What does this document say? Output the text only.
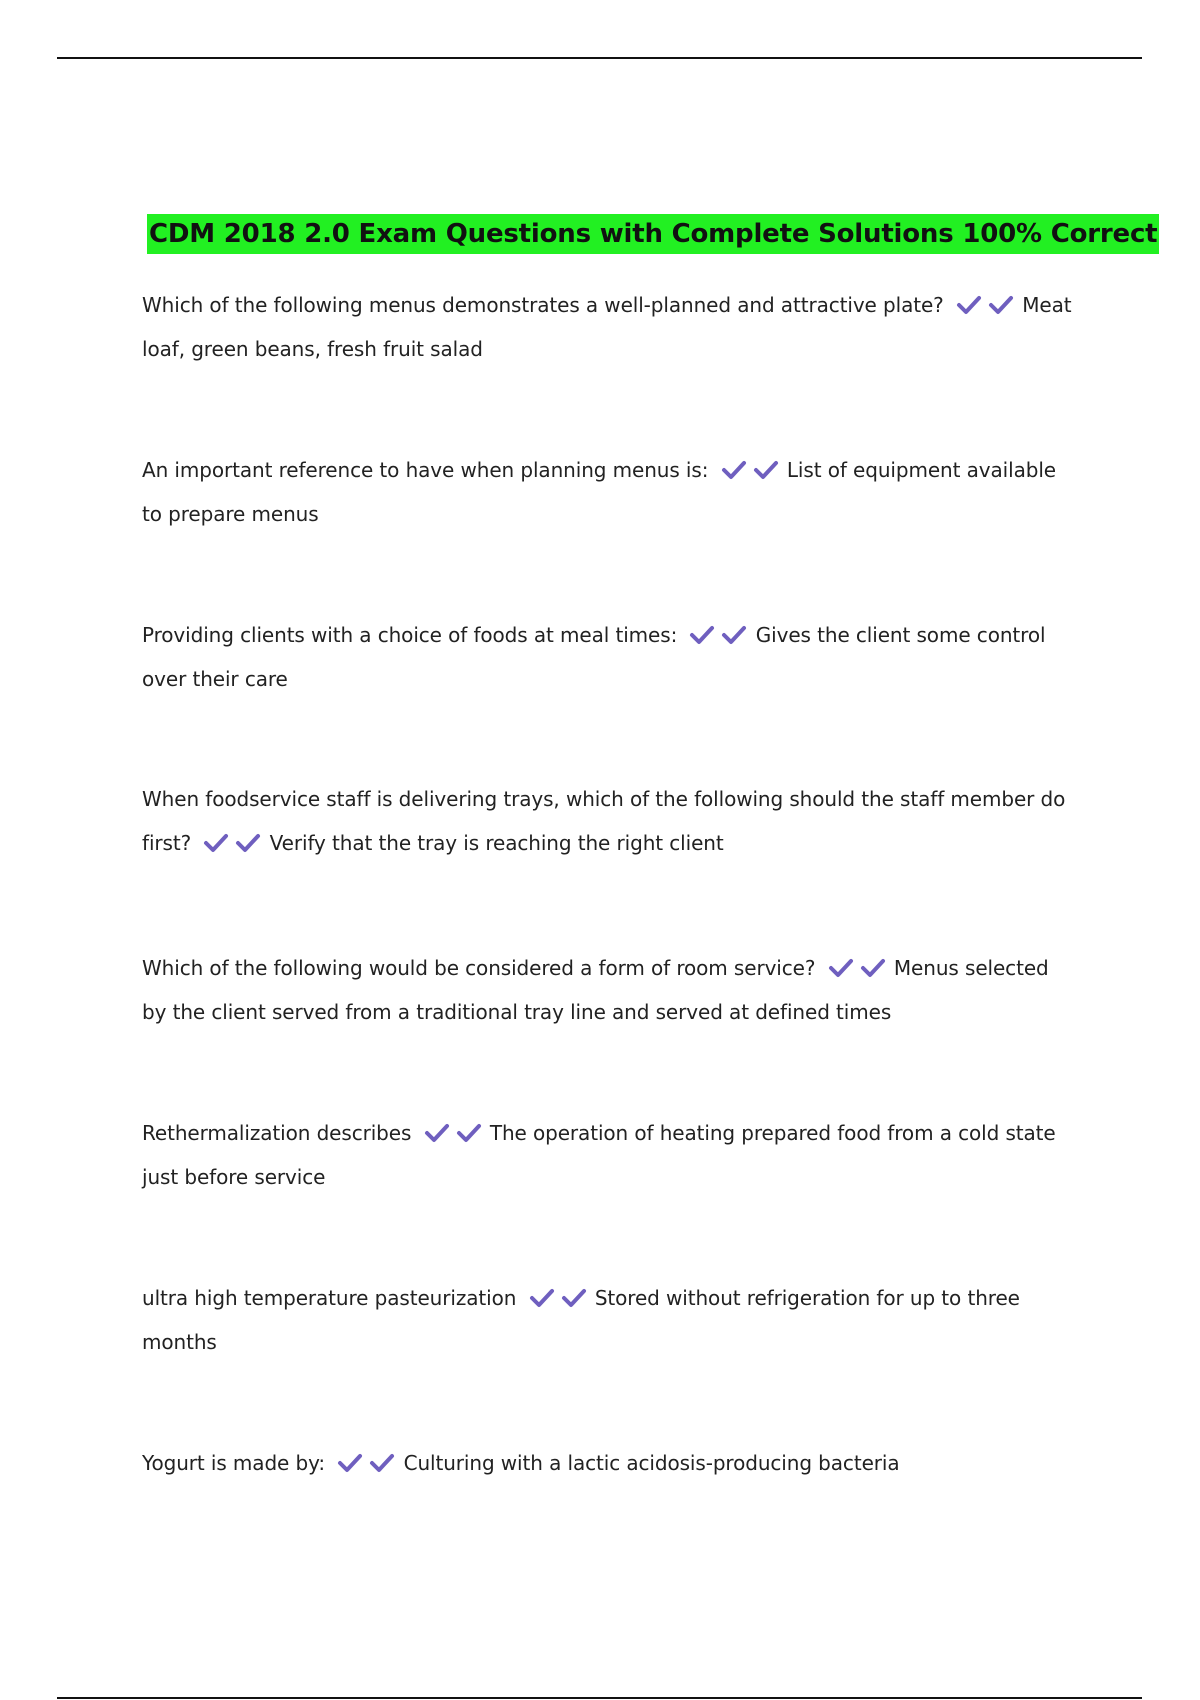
CDM 2018 2.0 Exam Questions with Complete Solutions 100% Correct

Which of the following menus demonstrates a well-planned and attractive plate?	Meat loaf, green beans, fresh fruit salad

An important reference to have when planning menus is:	List of equipment available to prepare menus

Providing clients with a choice of foods at meal times:	Gives the client some control over their care

When foodservice staff is delivering trays, which of the following should the staff member do first?	Verify that the tray is reaching the right client

Which of the following would be considered a form of room service?	Menus selected by the client served from a traditional tray line and served at defined times

Rethermalization describes	The operation of heating prepared food from a cold state just before service

ultra high temperature pasteurization	Stored without refrigeration for up to three months

Yogurt is made by:	Culturing with a lactic acidosis-producing bacteria
